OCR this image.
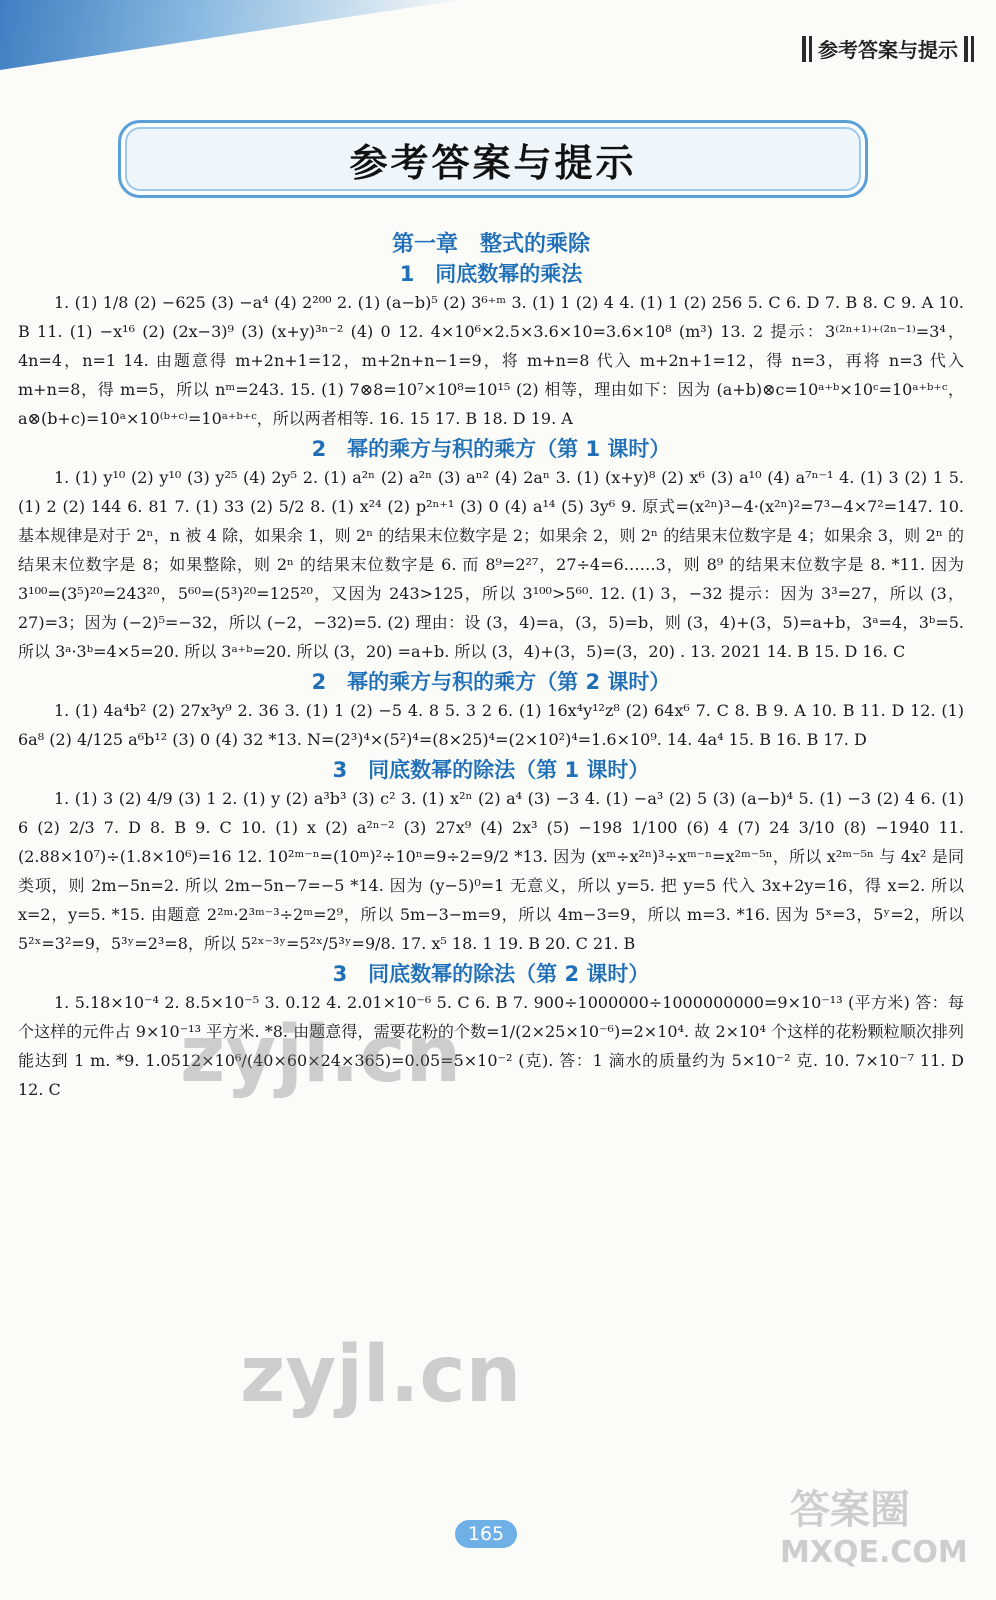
参考答案与提示
参考答案与提示
第一章　整式的乘除
1　同底数幂的乘法

1. (1) 1/8 (2) −625 (3) −a⁴ (4) 2²⁰⁰ 2. (1) (a−b)⁵ (2) 3⁶⁺ᵐ 3. (1) 1 (2) 4 4. (1) 1 (2) 256 5. C 6. D 7. B 8. C 9. A 10. B 11. (1) −x¹⁶ (2) (2x−3)⁹ (3) (x+y)³ⁿ⁻² (4) 0 12. 4×10⁶×2.5×3.6×10=3.6×10⁸ (m³) 13. 2 提示：3⁽²ⁿ⁺¹⁾⁺⁽²ⁿ⁻¹⁾=3⁴，4n=4，n=1 14. 由题意得 m+2n+1=12，m+2n+n−1=9，将 m+n=8 代入 m+2n+1=12，得 n=3，再将 n=3 代入 m+n=8，得 m=5，所以 nᵐ=243. 15. (1) 7⊗8=10⁷×10⁸=10¹⁵ (2) 相等，理由如下：因为 (a+b)⊗c=10ᵃ⁺ᵇ×10ᶜ=10ᵃ⁺ᵇ⁺ᶜ，a⊗(b+c)=10ᵃ×10⁽ᵇ⁺ᶜ⁾=10ᵃ⁺ᵇ⁺ᶜ，所以两者相等. 16. 15 17. B 18. D 19. A

2　幂的乘方与积的乘方（第 1 课时）

1. (1) y¹⁰ (2) y¹⁰ (3) y²⁵ (4) 2y⁵ 2. (1) a²ⁿ (2) a²ⁿ (3) aⁿ² (4) 2aⁿ 3. (1) (x+y)⁸ (2) x⁶ (3) a¹⁰ (4) a⁷ⁿ⁻¹ 4. (1) 3 (2) 1 5. (1) 2 (2) 144 6. 81 7. (1) 33 (2) 5/2 8. (1) x²⁴ (2) p²ⁿ⁺¹ (3) 0 (4) a¹⁴ (5) 3y⁶ 9. 原式=(x²ⁿ)³−4·(x²ⁿ)²=7³−4×7²=147. 10. 基本规律是对于 2ⁿ，n 被 4 除，如果余 1，则 2ⁿ 的结果末位数字是 2；如果余 2，则 2ⁿ 的结果末位数字是 4；如果余 3，则 2ⁿ 的结果末位数字是 8；如果整除，则 2ⁿ 的结果末位数字是 6. 而 8⁹=2²⁷，27÷4=6……3，则 8⁹ 的结果末位数字是 8. *11. 因为 3¹⁰⁰=(3⁵)²⁰=243²⁰，5⁶⁰=(5³)²⁰=125²⁰，又因为 243>125，所以 3¹⁰⁰>5⁶⁰. 12. (1) 3，−32 提示：因为 3³=27，所以 (3，27)=3；因为 (−2)⁵=−32，所以 (−2，−32)=5. (2) 理由：设 (3，4)=a，(3，5)=b，则 (3，4)+(3，5)=a+b，3ᵃ=4，3ᵇ=5. 所以 3ᵃ·3ᵇ=4×5=20. 所以 3ᵃ⁺ᵇ=20. 所以 (3，20) =a+b. 所以 (3，4)+(3，5)=(3，20) . 13. 2021 14. B 15. D 16. C

2　幂的乘方与积的乘方（第 2 课时）

1. (1) 4a⁴b² (2) 27x³y⁹ 2. 36 3. (1) 1 (2) −5 4. 8 5. 3 2 6. (1) 16x⁴y¹²z⁸ (2) 64x⁶ 7. C 8. B 9. A 10. B 11. D 12. (1) 6a⁸ (2) 4/125 a⁶b¹² (3) 0 (4) 32 *13. N=(2³)⁴×(5²)⁴=(8×25)⁴=(2×10²)⁴=1.6×10⁹. 14. 4a⁴ 15. B 16. B 17. D

3　同底数幂的除法（第 1 课时）

1. (1) 3 (2) 4/9 (3) 1 2. (1) y (2) a³b³ (3) c² 3. (1) x²ⁿ (2) a⁴ (3) −3 4. (1) −a³ (2) 5 (3) (a−b)⁴ 5. (1) −3 (2) 4 6. (1) 6 (2) 2/3 7. D 8. B 9. C 10. (1) x (2) a²ⁿ⁻² (3) 27x⁹ (4) 2x³ (5) −198 1/100 (6) 4 (7) 24 3/10 (8) −1940 11. (2.88×10⁷)÷(1.8×10⁶)=16 12. 10²ᵐ⁻ⁿ=(10ᵐ)²÷10ⁿ=9÷2=9/2 *13. 因为 (xᵐ÷x²ⁿ)³÷xᵐ⁻ⁿ=x²ᵐ⁻⁵ⁿ，所以 x²ᵐ⁻⁵ⁿ 与 4x² 是同类项，则 2m−5n=2. 所以 2m−5n−7=−5 *14. 因为 (y−5)⁰=1 无意义，所以 y=5. 把 y=5 代入 3x+2y=16，得 x=2. 所以 x=2，y=5. *15. 由题意 2²ᵐ·2³ᵐ⁻³÷2ᵐ=2⁹，所以 5m−3−m=9，所以 4m−3=9，所以 m=3. *16. 因为 5ˣ=3，5ʸ=2，所以 5²ˣ=3²=9，5³ʸ=2³=8，所以 5²ˣ⁻³ʸ=5²ˣ/5³ʸ=9/8. 17. x⁵ 18. 1 19. B 20. C 21. B

3　同底数幂的除法（第 2 课时）

1. 5.18×10⁻⁴ 2. 8.5×10⁻⁵ 3. 0.12 4. 2.01×10⁻⁶ 5. C 6. B 7. 900÷1000000÷1000000000=9×10⁻¹³ (平方米) 答：每个这样的元件占 9×10⁻¹³ 平方米. *8. 由题意得，需要花粉的个数=1/(2×25×10⁻⁶)=2×10⁴. 故 2×10⁴ 个这样的花粉颗粒顺次排列能达到 1 m. *9. 1.0512×10⁶/(40×60×24×365)=0.05=5×10⁻² (克). 答：1 滴水的质量约为 5×10⁻² 克. 10. 7×10⁻⁷ 11. D 12. C	zyjl.cn
zyjl.cn
答案圈
MXQE.COM
165
